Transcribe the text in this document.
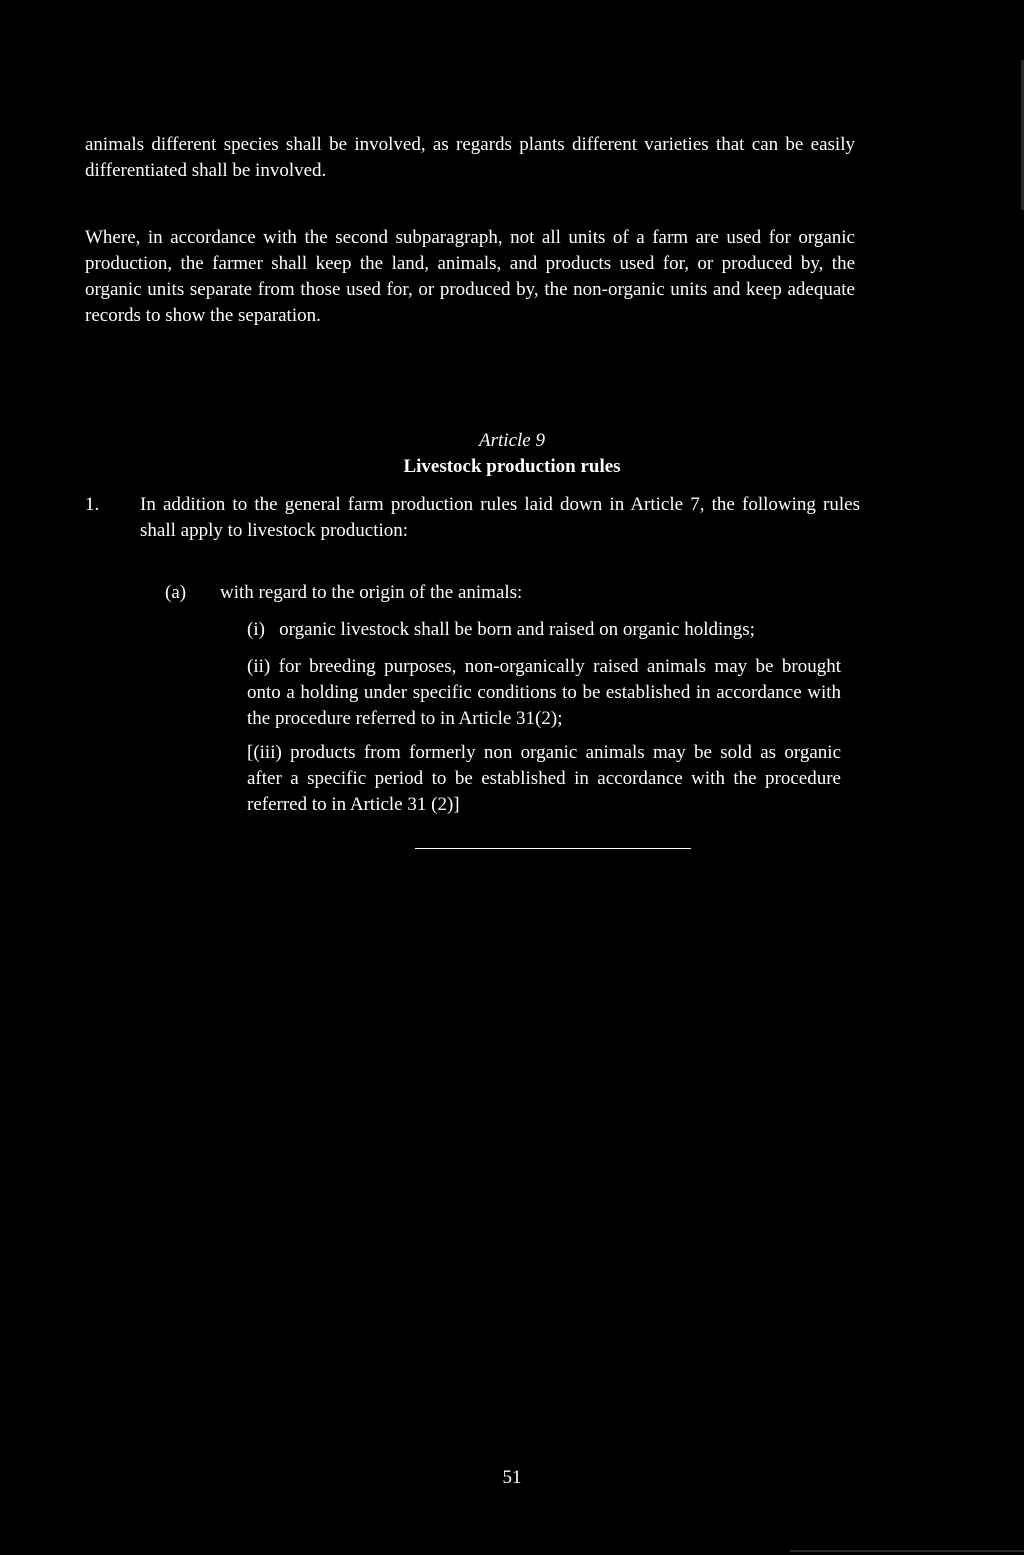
animals different species shall be involved, as regards plants different varieties that can be easily differentiated shall be involved.

Where, in accordance with the second subparagraph, not all units of a farm are used for organic production, the farmer shall keep the land, animals, and products used for, or produced by, the organic units separate from those used for, or produced by, the non-organic units and keep adequate records to show the separation.

Article 9
Livestock production rules
1. In addition to the general farm production rules laid down in Article 7, the following rules shall apply to livestock production:
(a) with regard to the origin of the animals:

(i)   organic livestock shall be born and raised on organic holdings;

(ii) for breeding purposes, non-organically raised animals may be brought onto a holding under specific conditions to be established in accordance with the procedure referred to in Article 31(2);

[(iii) products from formerly non organic animals may be sold as organic after a specific period to be established in accordance with the procedure referred to in Article 31 (2)]

51
